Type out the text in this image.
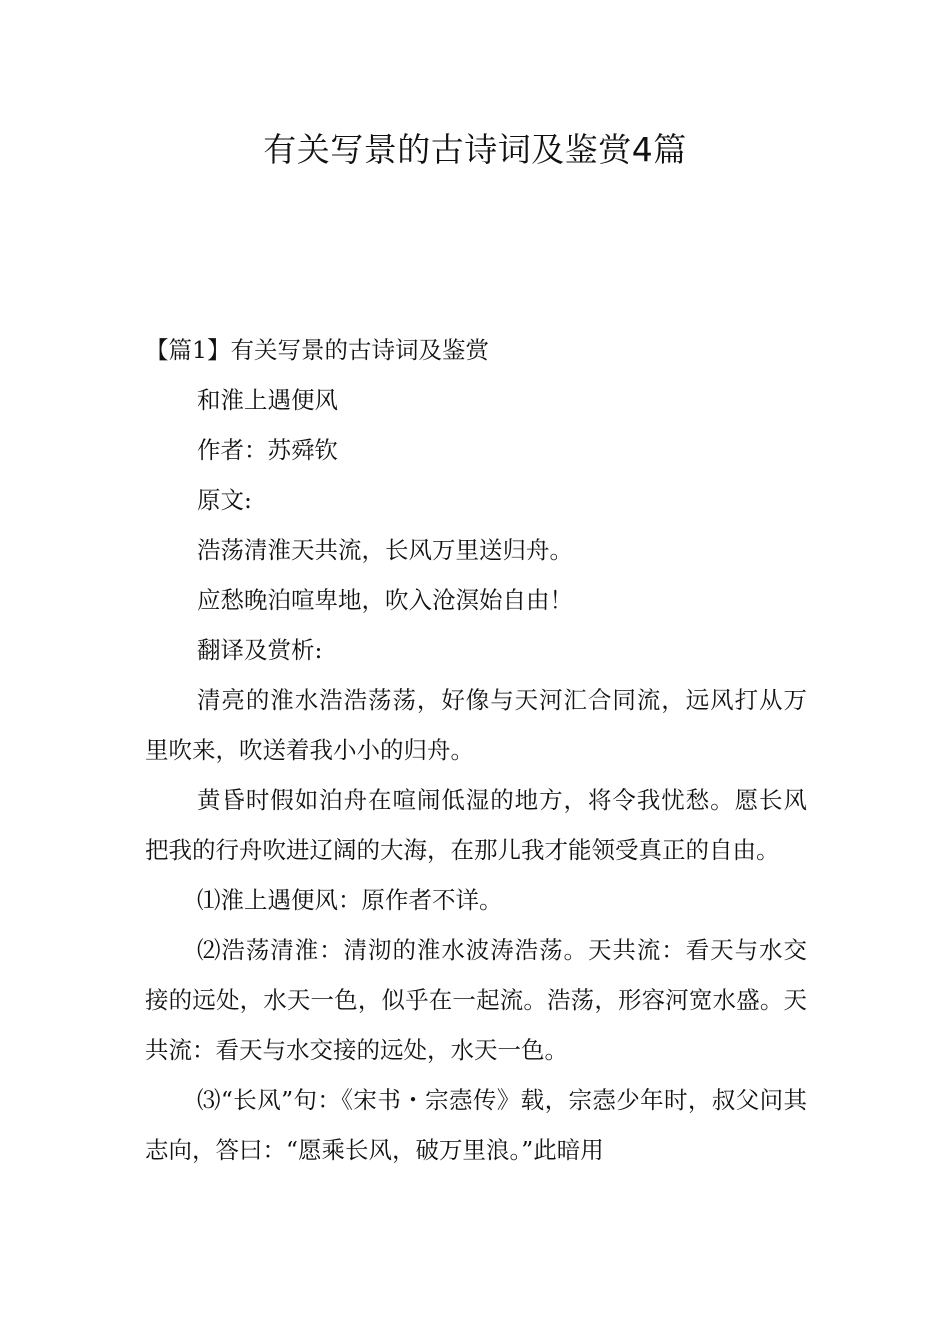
有关写景的古诗词及鉴赏4篇

【篇1】有关写景的古诗词及鉴赏

和淮上遇便风

作者：苏舜钦

原文:

浩荡清淮天共流，长风万里送归舟。

应愁晚泊喧卑地，吹入沧溟始自由！

翻译及赏析:

清亮的淮水浩浩荡荡，好像与天河汇合同流，远风打从万里吹来，吹送着我小小的归舟。

黄昏时假如泊舟在喧闹低湿的地方，将令我忧愁。愿长风把我的行舟吹进辽阔的大海，在那儿我才能领受真正的自由。

⑴淮上遇便风：原作者不详。

⑵浩荡清淮：清沏的淮水波涛浩荡。天共流：看天与水交接的远处，水天一色，似乎在一起流。浩荡，形容河宽水盛。天共流：看天与水交接的远处，水天一色。

⑶“长风”句：《宋书・宗悫传》载，宗悫少年时，叔父问其志向，答曰：“愿乘长风，破万里浪。”此暗用
